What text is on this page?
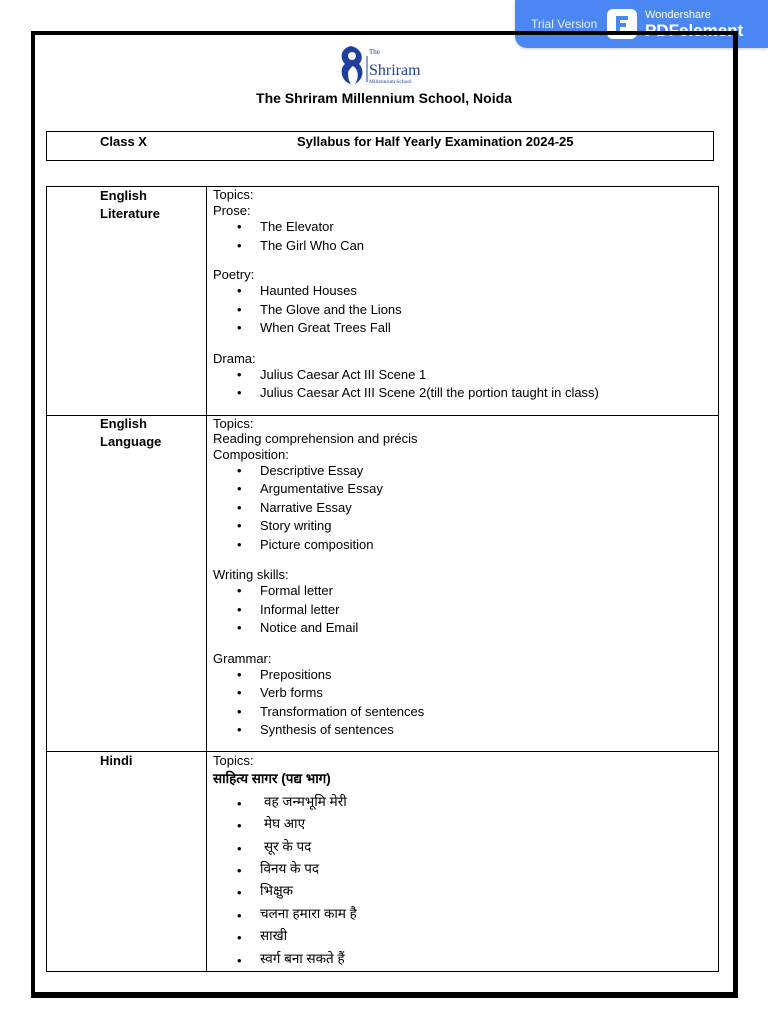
Trial Version
Wondershare
PDFelement
The
Shriram
Millennium School
The Shriram Millennium School, Noida
Class X	Syllabus for Half Yearly Examination 2024-25
English
Literature
Topics:
Prose:
• The Elevator
• The Girl Who Can
Poetry:
• Haunted Houses
• The Glove and the Lions
• When Great Trees Fall
Drama:
• Julius Caesar Act III Scene 1
• Julius Caesar Act III Scene 2(till the portion taught in class)
English
Language
Topics:
Reading comprehension and précis
Composition:
• Descriptive Essay
• Argumentative Essay
• Narrative Essay
• Story writing
• Picture composition
Writing skills:
• Formal letter
• Informal letter
• Notice and Email
Grammar:
• Prepositions
• Verb forms
• Transformation of sentences
• Synthesis of sentences
Hindi	Topics:
साहित्य सागर (पद्य भाग)
• वह जन्मभूमि मेरी
• मेघ आए
• सूर के पद
• विनय के पद
• भिक्षुक
• चलना हमारा काम है
• साखी
• स्वर्ग बना सकते हैं
